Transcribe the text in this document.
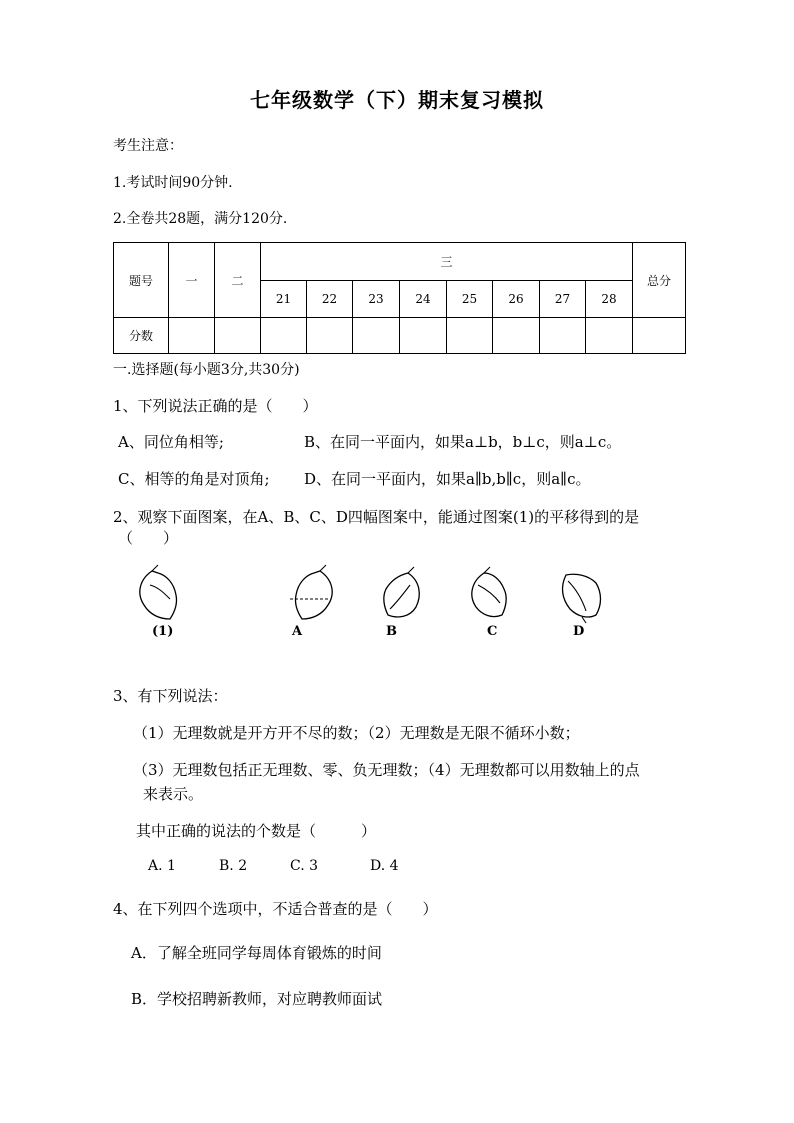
七年级数学（下）期末复习模拟
考生注意：
1.考试时间90分钟.
2.全卷共28题，满分120分.
题号	一	二	三								总分
			21	22	23	24	25	26	27	28	
分数											
一.选择题(每小题3分,共30分)
1、下列说法正确的是（　　）
A、同位角相等;	B、在同一平面内，如果a⊥b，b⊥c，则a⊥c。
C、相等的角是对顶角; D、在同一平面内，如果a∥b,b∥c，则a∥c。
2、观察下面图案，在A、B、C、D四幅图案中，能通过图案(1)的平移得到的是
（　　）
(1)	A	B	C	D
3、有下列说法：
（1）无理数就是开方开不尽的数；（2）无理数是无限不循环小数；
（3）无理数包括正无理数、零、负无理数；（4）无理数都可以用数轴上的点
来表示。
其中正确的说法的个数是（　　　）
A. 1	B. 2	C. 3	D. 4
4、在下列四个选项中，不适合普查的是（　　）
A．了解全班同学每周体育锻炼的时间
B．学校招聘新教师，对应聘教师面试
